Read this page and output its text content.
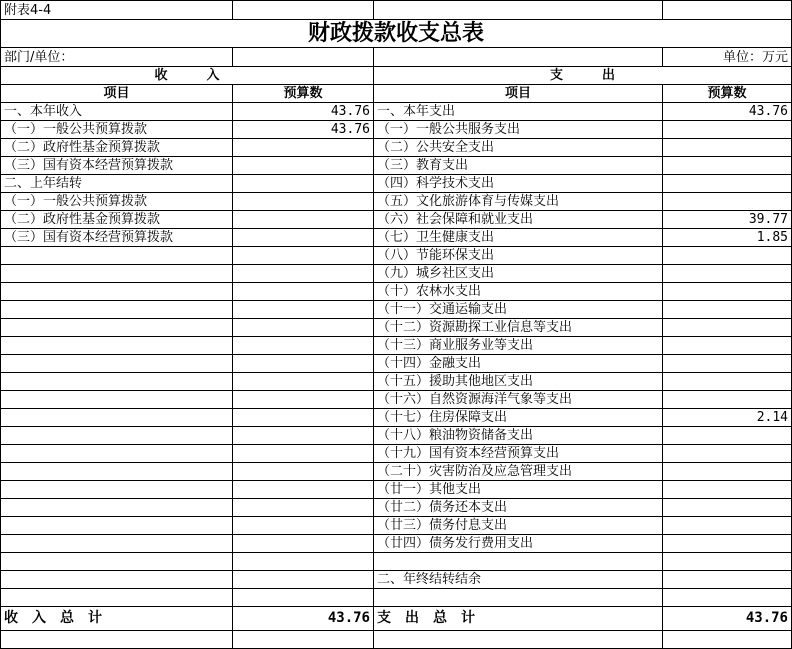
附表4-4			
财政拨款收支总表			
部门/单位：			单位：万元
收　　　入		支　　　出	
项目	预算数	项目	预算数
一、本年收入	43.76	一、本年支出	43.76
（一）一般公共预算拨款	43.76	（一）一般公共服务支出	
（二）政府性基金预算拨款		（二）公共安全支出	
（三）国有资本经营预算拨款		（三）教育支出	
二、上年结转		（四）科学技术支出	
（一）一般公共预算拨款		（五）文化旅游体育与传媒支出	
（二）政府性基金预算拨款		（六）社会保障和就业支出	39.77
（三）国有资本经营预算拨款		（七）卫生健康支出	1.85
		（八）节能环保支出	
		（九）城乡社区支出	
		（十）农林水支出	
		（十一）交通运输支出	
		（十二）资源勘探工业信息等支出	
		（十三）商业服务业等支出	
		（十四）金融支出	
		（十五）援助其他地区支出	
		（十六）自然资源海洋气象等支出	
		（十七）住房保障支出	2.14
		（十八）粮油物资储备支出	
		（十九）国有资本经营预算支出	
		（二十）灾害防治及应急管理支出	
		（廿一）其他支出	
		（廿二）债务还本支出	
		（廿三）债务付息支出	
		（廿四）债务发行费用支出	

		二、年终结转结余	

收　入　总　计	43.76	支　出　总　计	43.76
